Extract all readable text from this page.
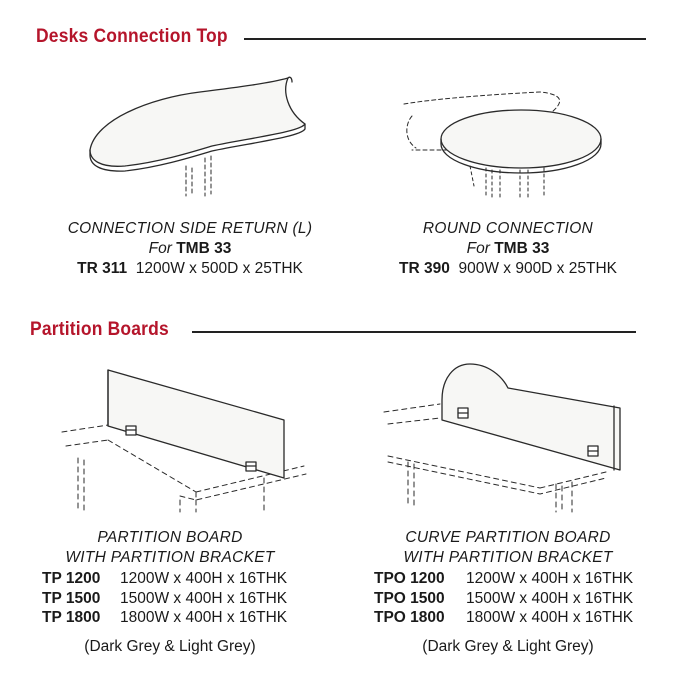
Desks Connection Top
Partition Boards
CONNECTION SIDE RETURN (L)
For TMB 33
TR 311 1200W x 500D x 25THK
ROUND CONNECTION
For TMB 33
TR 390 900W x 900D x 25THK
PARTITION BOARD
WITH PARTITION BRACKET
TP 1200 1200W x 400H x 16THK
TP 1500 1500W x 400H x 16THK
TP 1800 1800W x 400H x 16THK
(Dark Grey & Light Grey)
CURVE PARTITION BOARD
WITH PARTITION BRACKET
TPO 1200 1200W x 400H x 16THK
TPO 1500 1500W x 400H x 16THK
TPO 1800 1800W x 400H x 16THK
(Dark Grey & Light Grey)
